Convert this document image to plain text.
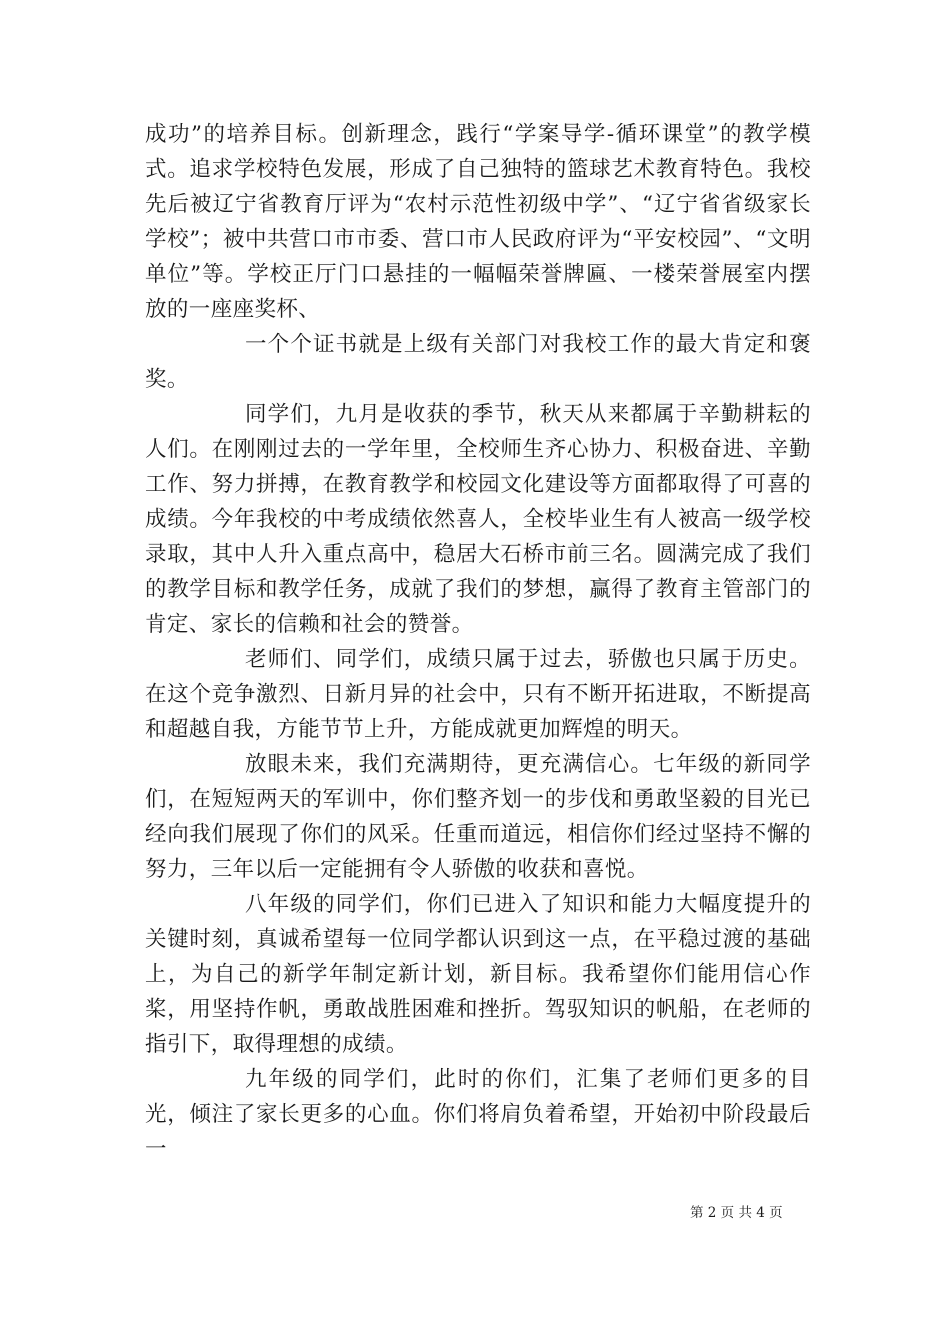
成功”的培养目标。创新理念，践行“学案导学-循环课堂”的教学模式。追求学校特色发展，形成了自己独特的篮球艺术教育特色。我校先后被辽宁省教育厅评为“农村示范性初级中学”、“辽宁省省级家长学校”；被中共营口市市委、营口市人民政府评为“平安校园”、“文明单位”等。学校正厅门口悬挂的一幅幅荣誉牌匾、一楼荣誉展室内摆放的一座座奖杯、

一个个证书就是上级有关部门对我校工作的最大肯定和褒奖。

同学们，九月是收获的季节，秋天从来都属于辛勤耕耘的人们。在刚刚过去的一学年里，全校师生齐心协力、积极奋进、辛勤工作、努力拼搏，在教育教学和校园文化建设等方面都取得了可喜的成绩。今年我校的中考成绩依然喜人，全校毕业生有人被高一级学校录取，其中人升入重点高中，稳居大石桥市前三名。圆满完成了我们的教学目标和教学任务，成就了我们的梦想，赢得了教育主管部门的肯定、家长的信赖和社会的赞誉。

老师们、同学们，成绩只属于过去，骄傲也只属于历史。在这个竞争激烈、日新月异的社会中，只有不断开拓进取，不断提高和超越自我，方能节节上升，方能成就更加辉煌的明天。

放眼未来，我们充满期待，更充满信心。七年级的新同学们，在短短两天的军训中，你们整齐划一的步伐和勇敢坚毅的目光已经向我们展现了你们的风采。任重而道远，相信你们经过坚持不懈的努力，三年以后一定能拥有令人骄傲的收获和喜悦。

八年级的同学们，你们已进入了知识和能力大幅度提升的关键时刻，真诚希望每一位同学都认识到这一点，在平稳过渡的基础上，为自己的新学年制定新计划，新目标。我希望你们能用信心作桨，用坚持作帆，勇敢战胜困难和挫折。驾驭知识的帆船，在老师的指引下，取得理想的成绩。

九年级的同学们，此时的你们，汇集了老师们更多的目光，倾注了家长更多的心血。你们将肩负着希望，开始初中阶段最后一

第 2 页 共 4 页
